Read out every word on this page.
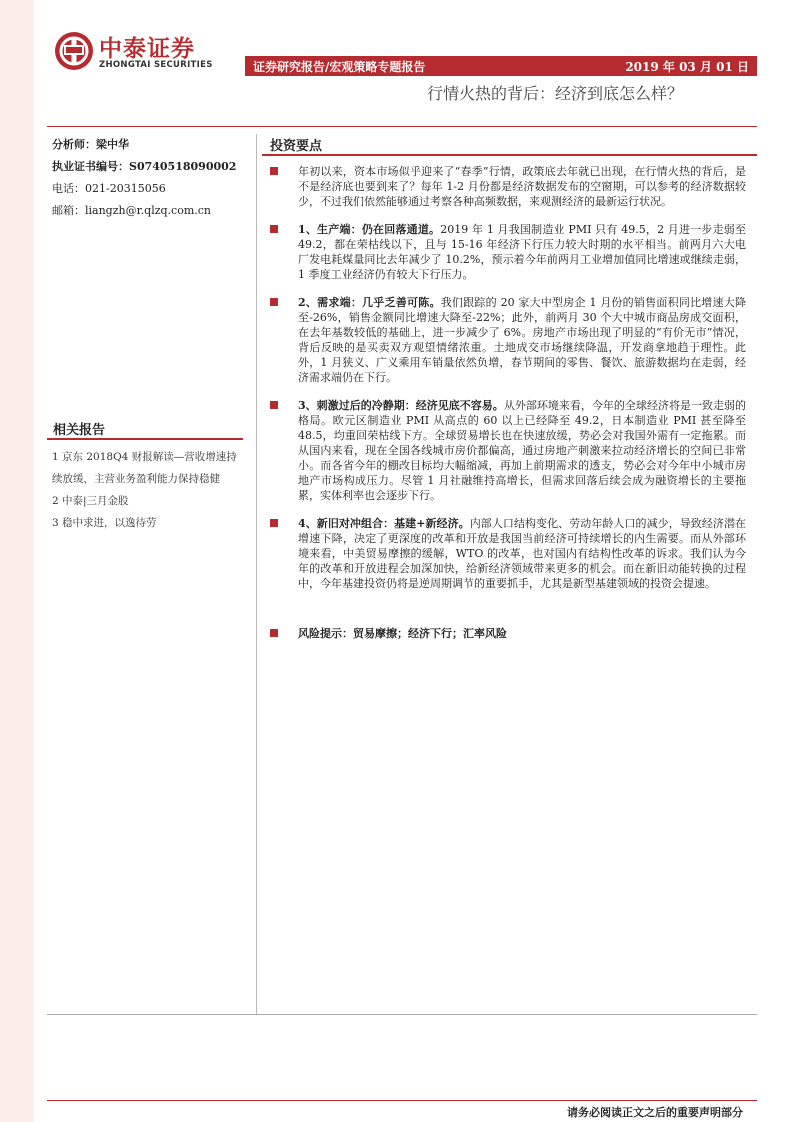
中泰证券
ZHONGTAI SECURITIES	证券研究报告/宏观策略专题报告	2019 年 03 月 01 日
行情火热的背后：经济到底怎么样？
分析师：梁中华
执业证书编号：S0740518090002
电话：021-20315056
邮箱：liangzh@r.qlzq.com.cn
相关报告
1 京东 2018Q4 财报解读—营收增速持续放缓，主营业务盈利能力保持稳健
2 中泰|三月金股
3 稳中求进，以逸待劳
投资要点
年初以来，资本市场似乎迎来了“春季”行情，政策底去年就已出现，在行情火热的背后，是不是经济底也要到来了？每年 1-2 月份都是经济数据发布的空窗期，可以参考的经济数据较少，不过我们依然能够通过考察各种高频数据，来观测经济的最新运行状况。
1、生产端：仍在回落通道。2019 年 1 月我国制造业 PMI 只有 49.5，2 月进一步走弱至 49.2，都在荣枯线以下，且与 15-16 年经济下行压力较大时期的水平相当。前两月六大电厂发电耗煤量同比去年减少了 10.2%，预示着今年前两月工业增加值同比增速或继续走弱，1 季度工业经济仍有较大下行压力。
2、需求端：几乎乏善可陈。我们跟踪的 20 家大中型房企 1 月份的销售面积同比增速大降至-26%，销售金额同比增速大降至-22%；此外，前两月 30 个大中城市商品房成交面积，在去年基数较低的基础上，进一步减少了 6%。房地产市场出现了明显的“有价无市”情况，背后反映的是买卖双方观望情绪浓重。土地成交市场继续降温，开发商拿地趋于理性。此外，1 月狭义、广义乘用车销量依然负增，春节期间的零售、餐饮、旅游数据均在走弱，经济需求端仍在下行。
3、刺激过后的冷静期：经济见底不容易。从外部环境来看，今年的全球经济将是一致走弱的格局。欧元区制造业 PMI 从高点的 60 以上已经降至 49.2，日本制造业 PMI 甚至降至 48.5，均重回荣枯线下方。全球贸易增长也在快速放缓，势必会对我国外需有一定拖累。而从国内来看，现在全国各线城市房价都偏高，通过房地产刺激来拉动经济增长的空间已非常小。而各省今年的棚改目标均大幅缩减，再加上前期需求的透支，势必会对今年中小城市房地产市场构成压力。尽管 1 月社融维持高增长，但需求回落后续会成为融资增长的主要拖累，实体利率也会逐步下行。
4、新旧对冲组合：基建+新经济。内部人口结构变化、劳动年龄人口的减少，导致经济潜在增速下降，决定了更深度的改革和开放是我国当前经济可持续增长的内生需要。而从外部环境来看，中美贸易摩擦的缓解，WTO 的改革，也对国内有结构性改革的诉求。我们认为今年的改革和开放进程会加深加快，给新经济领域带来更多的机会。而在新旧动能转换的过程中，今年基建投资仍将是逆周期调节的重要抓手，尤其是新型基建领域的投资会提速。
风险提示：贸易摩擦；经济下行；汇率风险
请务必阅读正文之后的重要声明部分
